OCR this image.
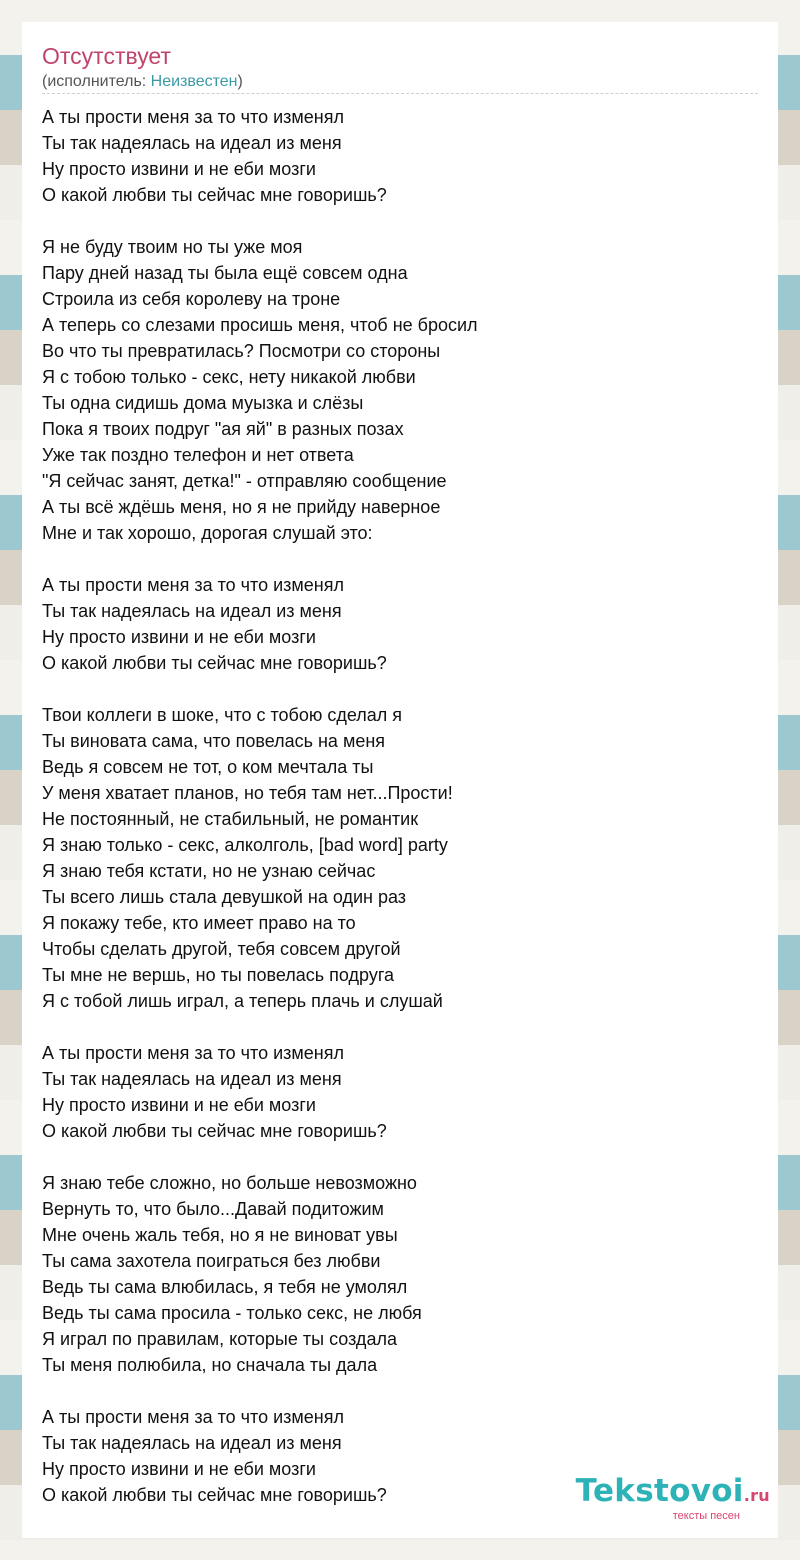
Отсутствует
(исполнитель: Неизвестен)
А ты прости меня за то что изменял
Ты так надеялась на идеал из меня
Ну просто извини и не еби мозги
О какой любви ты сейчас мне говоришь?
Я не буду твоим но ты уже моя
Пару дней назад ты была ещё совсем одна
Строила из себя королеву на троне
А теперь со слезами просишь меня, чтоб не бросил
Во что ты превратилась? Посмотри со стороны
Я с тобою только - секс, нету никакой любви
Ты одна сидишь дома муызка и слёзы
Пока я твоих подруг "ая яй" в разных позах
Уже так поздно телефон и нет ответа
"Я сейчас занят, детка!" - отправляю сообщение
А ты всё ждёшь меня, но я не прийду наверное
Мне и так хорошо, дорогая слушай это:
А ты прости меня за то что изменял
Ты так надеялась на идеал из меня
Ну просто извини и не еби мозги
О какой любви ты сейчас мне говоришь?
Твои коллеги в шоке, что с тобою сделал я
Ты виновата сама, что повелась на меня
Ведь я совсем не тот, о ком мечтала ты
У меня хватает планов, но тебя там нет...Прости!
Не постоянный, не стабильный, не романтик
Я знаю только - секс, алколголь, [bad word] party
Я знаю тебя кстати, но не узнаю сейчас
Ты всего лишь стала девушкой на один раз
Я покажу тебе, кто имеет право на то
Чтобы сделать другой, тебя совсем другой
Ты мне не вершь, но ты повелась подруга
Я с тобой лишь играл, а теперь плачь и слушай
А ты прости меня за то что изменял
Ты так надеялась на идеал из меня
Ну просто извини и не еби мозги
О какой любви ты сейчас мне говоришь?
Я знаю тебе сложно, но больше невозможно
Вернуть то, что было...Давай подитожим
Мне очень жаль тебя, но я не виноват увы
Ты сама захотела поиграться без любви
Ведь ты сама влюбилась, я тебя не умолял
Ведь ты сама просила - только секс, не любя
Я играл по правилам, которые ты создала
Ты меня полюбила, но сначала ты дала
А ты прости меня за то что изменял
Ты так надеялась на идеал из меня
Ну просто извини и не еби мозги
О какой любви ты сейчас мне говоришь?	Tekstovoi.ru
тексты песен
